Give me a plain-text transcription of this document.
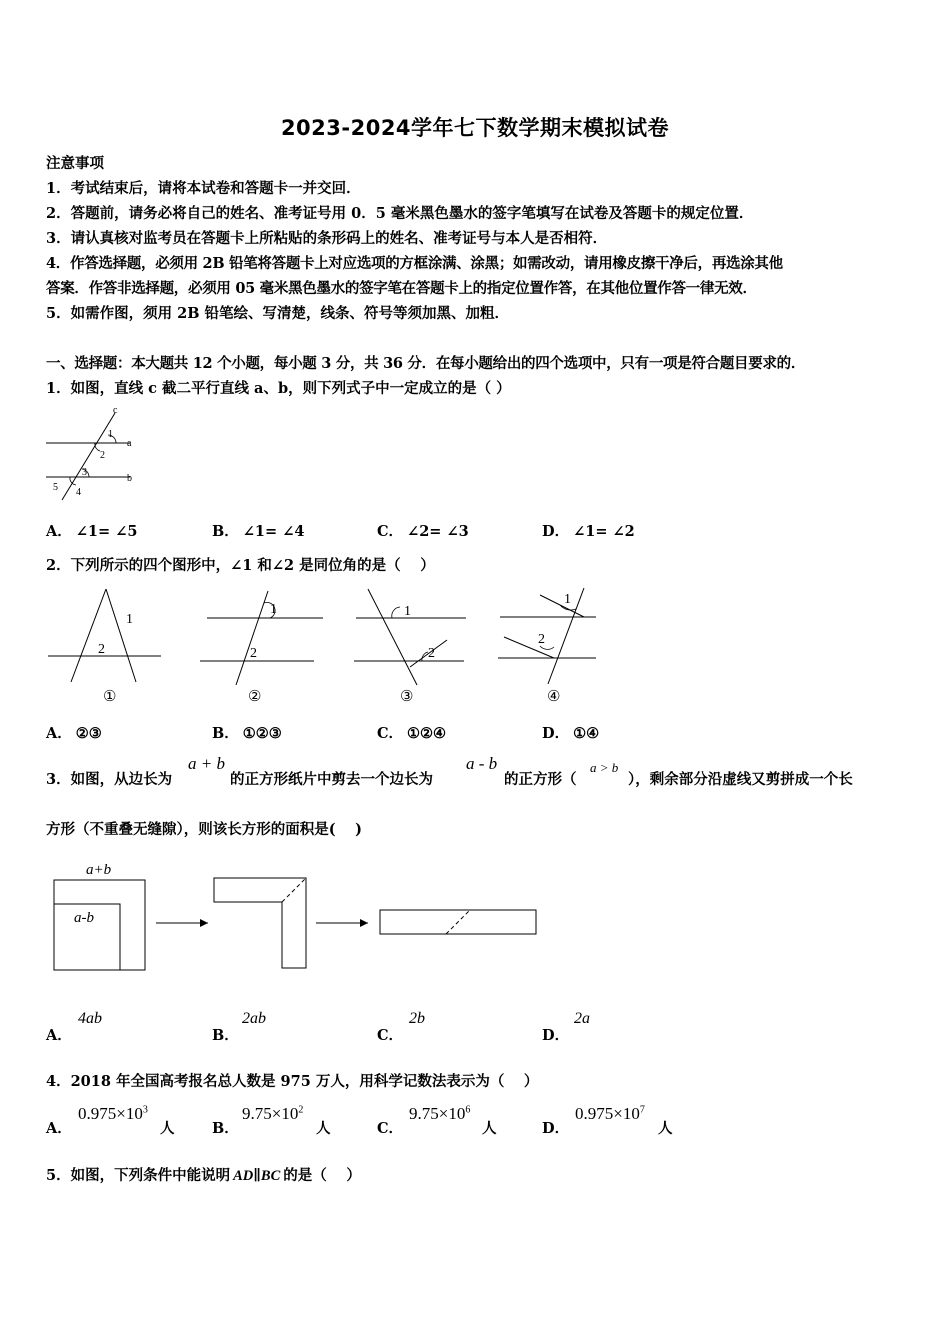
2023-2024学年七下数学期末模拟试卷
注意事项
1．考试结束后，请将本试卷和答题卡一并交回．
2．答题前，请务必将自己的姓名、准考证号用 0．5 毫米黑色墨水的签字笔填写在试卷及答题卡的规定位置．
3．请认真核对监考员在答题卡上所粘贴的条形码上的姓名、准考证号与本人是否相符．
4．作答选择题，必须用 2B 铅笔将答题卡上对应选项的方框涂满、涂黑；如需改动，请用橡皮擦干净后，再选涂其他
答案．作答非选择题，必须用 05 毫米黑色墨水的签字笔在答题卡上的指定位置作答，在其他位置作答一律无效．
5．如需作图，须用 2B 铅笔绘、写清楚，线条、符号等须加黑、加粗．
一、选择题：本大题共 12 个小题，每小题 3 分，共 36 分．在每小题给出的四个选项中，只有一项是符合题目要求的．
1．如图，直线 c 截二平行直线 a、b，则下列式子中一定成立的是（ ）
c
a
b
1
2
3
4
5
A． ∠1= ∠5	B． ∠1= ∠4	C． ∠2= ∠3	D． ∠1= ∠2
2．下列所示的四个图形中，∠1 和∠2 是同位角的是（　 ）
1
2
①
1
2
②
1
2
③
1
2
④
A． ②③	B． ①②③	C． ①②④	D． ①④
3．如图，从边长为
a + b
的正方形纸片中剪去一个边长为
a - b
的正方形（
a > b
），剩余部分沿虚线又剪拼成一个长
方形（不重叠无缝隙），则该长方形的面积是(　 )
a+b
a-b
A．
4ab
B．
2ab
C．
2b
D．
2a
4．2018 年全国高考报名总人数是 975 万人，用科学记数法表示为（　 ）
A．
$0.975\times 10^3$
人	B．
$9.75\times 10^2$
人	C．
$9.75\times 10^6$
人	D．
$0.975\times 10^7$
人
5．如图，下列条件中能说明 AD∥BC 的是（　 ）
